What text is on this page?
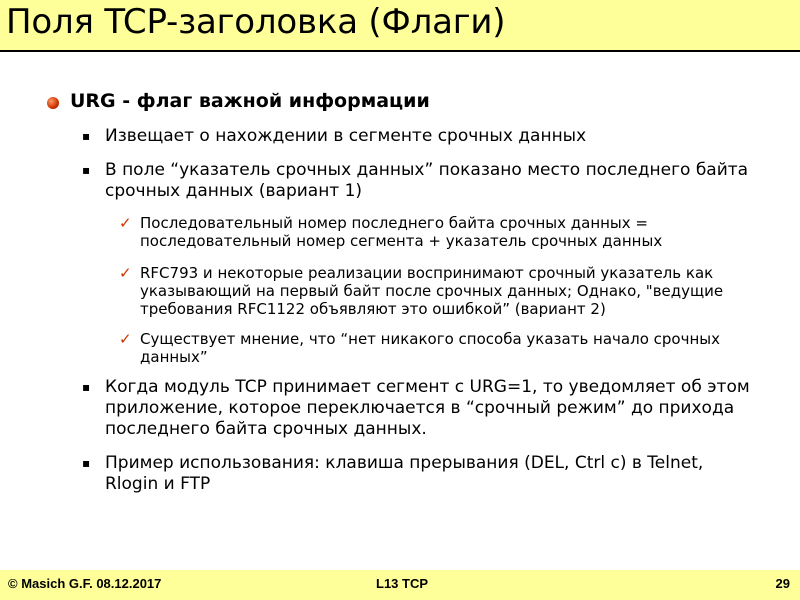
Поля TCP-заголовка (Флаги)
URG - флаг важной информации
▪ Извещает о нахождении в сегменте срочных данных
▪ В поле “указатель срочных данных” показано место последнего байта срочных данных (вариант 1)
✓ Последовательный номер последнего байта срочных данных = последовательный номер сегмента + указатель срочных данных
✓ RFC793 и некоторые реализации воспринимают срочный указатель как указывающий на первый байт после срочных данных; Однако, "ведущие требования RFC1122 объявляют это ошибкой” (вариант 2)
✓ Существует мнение, что “нет никакого способа указать начало срочных данных”
▪ Когда модуль TCP принимает сегмент с URG=1, то уведомляет об этом приложение, которое переключается в “срочный режим” до прихода последнего байта срочных данных.
▪ Пример использования: клавиша прерывания (DEL, Ctrl c) в Telnet, Rlogin и FTP
© Masich G.F. 08.12.2017	L13 TCP	29
